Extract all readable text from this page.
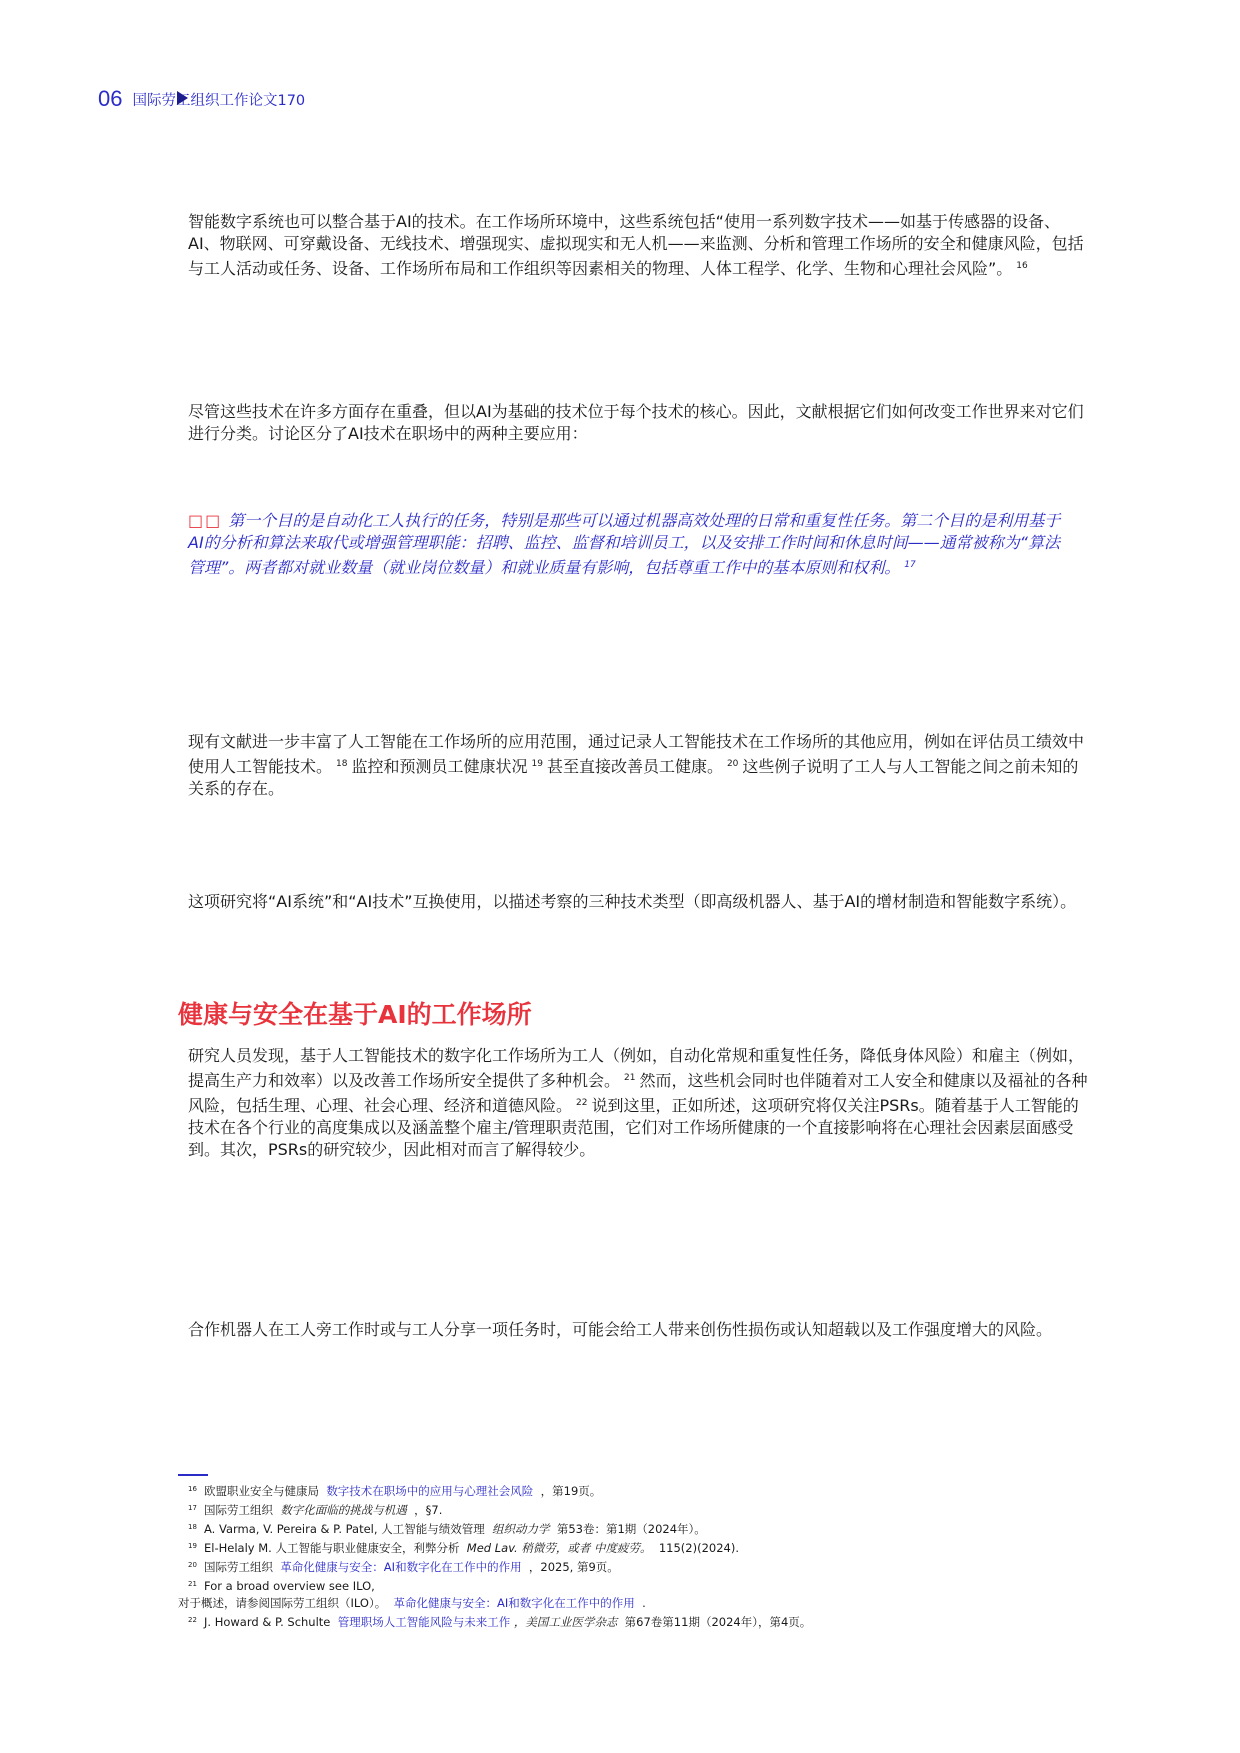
06 国际劳工组织工作论文170

智能数字系统也可以整合基于AI的技术。在工作场所环境中，这些系统包括“使用一系列数字技术——如基于传感器的设备、AI、物联网、可穿戴设备、无线技术、增强现实、虚拟现实和无人机——来监测、分析和管理工作场所的安全和健康风险，包括与工人活动或任务、设备、工作场所布局和工作组织等因素相关的物理、人体工程学、化学、生物和心理社会风险”。 $^{16}$

尽管这些技术在许多方面存在重叠，但以AI为基础的技术位于每个技术的核心。因此，文献根据它们如何改变工作世界来对它们进行分类。讨论区分了AI技术在职场中的两种主要应用：

□□ 第一个目的是自动化工人执行的任务，特别是那些可以通过机器高效处理的日常和重复性任务。第二个目的是利用基于AI的分析和算法来取代或增强管理职能：招聘、监控、监督和培训员工，以及安排工作时间和休息时间——通常被称为“算法管理”。两者都对就业数量（就业岗位数量）和就业质量有影响，包括尊重工作中的基本原则和权利。 $^{17}$

现有文献进一步丰富了人工智能在工作场所的应用范围，通过记录人工智能技术在工作场所的其他应用，例如在评估员工绩效中使用人工智能技术。 $^{18}$ 监控和预测员工健康状况 $^{19}$ 甚至直接改善员工健康。 $^{20}$ 这些例子说明了工人与人工智能之间之前未知的关系的存在。

这项研究将“AI系统”和“AI技术”互换使用，以描述考察的三种技术类型（即高级机器人、基于AI的增材制造和智能数字系统）。

健康与安全在基于AI的工作场所

研究人员发现，基于人工智能技术的数字化工作场所为工人（例如，自动化常规和重复性任务，降低身体风险）和雇主（例如，提高生产力和效率）以及改善工作场所安全提供了多种机会。 $^{21}$ 然而，这些机会同时也伴随着对工人安全和健康以及福祉的各种风险，包括生理、心理、社会心理、经济和道德风险。 $^{22}$ 说到这里，正如所述，这项研究将仅关注PSRs。随着基于人工智能的技术在各个行业的高度集成以及涵盖整个雇主/管理职责范围，它们对工作场所健康的一个直接影响将在心理社会因素层面感受到。其次，PSRs的研究较少，因此相对而言了解得较少。

合作机器人在工人旁工作时或与工人分享一项任务时，可能会给工人带来创伤性损伤或认知超载以及工作强度增大的风险。

16 欧盟职业安全与健康局 数字技术在职场中的应用与心理社会风险 ，第19页。

17 国际劳工组织 数字化面临的挑战与机遇 ，§7.

18 A. Varma, V. Pereira & P. Patel, 人工智能与绩效管理 组织动力学 第53卷：第1期（2024年）。

19 El-Helaly M. 人工智能与职业健康安全，利弊分析 Med Lav. 稍微劳，或者 中度疲劳。 115(2)(2024).

20 国际劳工组织 革命化健康与安全：AI和数字化在工作中的作用 ，2025, 第9页。

21 For a broad overview see ILO,

对于概述，请参阅国际劳工组织（ILO）。 革命化健康与安全：AI和数字化在工作中的作用 .

22 J. Howard & P. Schulte 管理职场人工智能风险与未来工作 ，美国工业医学杂志 第67卷第11期（2024年），第4页。
